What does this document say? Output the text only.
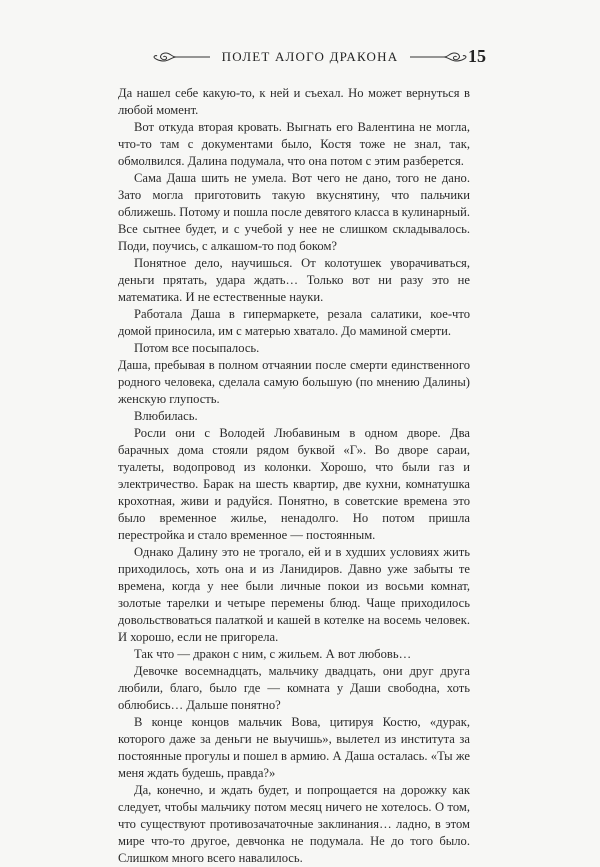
ПОЛЕТ АЛОГО ДРАКОНА	15

Да нашел себе какую-то, к ней и съехал. Но может вернуться в любой момент.

Вот откуда вторая кровать. Выгнать его Валентина не могла, что-то там с документами было, Костя тоже не знал, так, обмолвился. Далина подумала, что она потом с этим разберется.

Сама Даша шить не умела. Вот чего не дано, того не дано. Зато могла приготовить такую вкуснятину, что пальчики оближешь. Потому и пошла после девятого класса в кулинарный. Все сытнее будет, и с учебой у нее не слишком складывалось. Поди, поучись, с алкашом-то под боком?

Понятное дело, научишься. От колотушек уворачиваться, деньги прятать, удара ждать… Только вот ни разу это не математика. И не естественные науки.

Работала Даша в гипермаркете, резала салатики, кое-что домой приносила, им с матерью хватало. До маминой смерти.

Потом все посыпалось.

Даша, пребывая в полном отчаянии после смерти единственного родного человека, сделала самую большую (по мнению Далины) женскую глупость.

Влюбилась.

Росли они с Володей Любавиным в одном дворе. Два барачных дома стояли рядом буквой «Г». Во дворе сараи, туалеты, водопровод из колонки. Хорошо, что были газ и электричество. Барак на шесть квартир, две кухни, комнатушка крохотная, живи и радуйся. Понятно, в советские времена это было временное жилье, ненадолго. Но потом пришла перестройка и стало временное — постоянным.

Однако Далину это не трогало, ей и в худших условиях жить приходилось, хоть она и из Ланидиров. Давно уже забыты те времена, когда у нее были личные покои из восьми комнат, золотые тарелки и четыре перемены блюд. Чаще приходилось довольствоваться палаткой и кашей в котелке на восемь человек. И хорошо, если не пригорела.

Так что — дракон с ним, с жильем. А вот любовь…

Девочке восемнадцать, мальчику двадцать, они друг друга любили, благо, было где — комната у Даши свободна, хоть облюбись… Дальше понятно?

В конце концов мальчик Вова, цитируя Костю, «дурак, которого даже за деньги не выучишь», вылетел из института за постоянные прогулы и пошел в армию. А Даша осталась. «Ты же меня ждать будешь, правда?»

Да, конечно, и ждать будет, и попрощается на дорожку как следует, чтобы мальчику потом месяц ничего не хотелось. О том, что существуют противозачаточные заклинания… ладно, в этом мире что-то другое, девчонка не подумала. Не до того было. Слишком много всего навалилось.
